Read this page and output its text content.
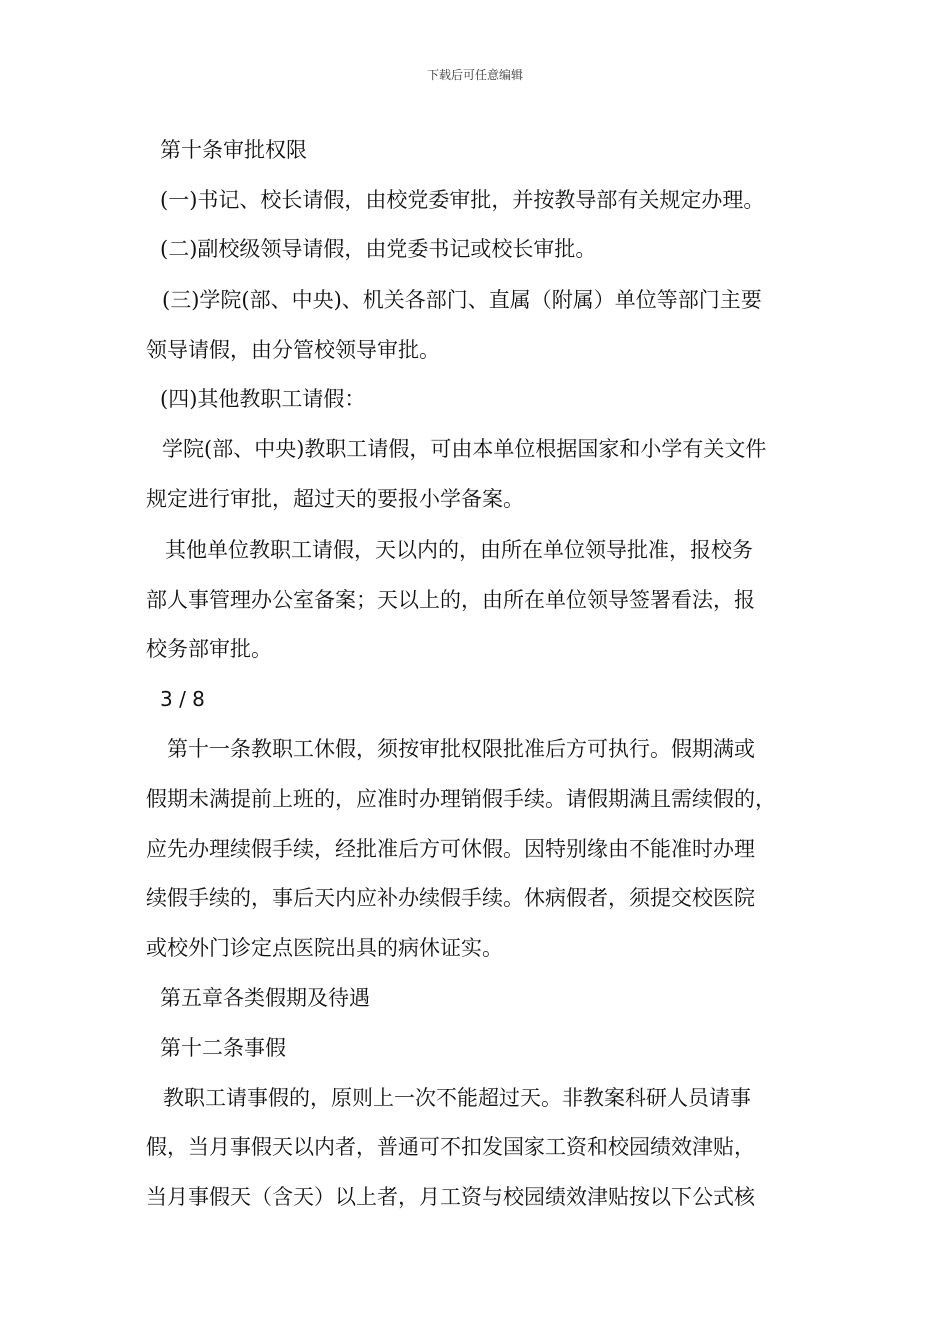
下载后可任意编辑
第十条审批权限
(一)书记、校长请假，由校党委审批，并按教导部有关规定办理。
(二)副校级领导请假，由党委书记或校长审批。
(三)学院(部、中央)、机关各部门、直属（附属）单位等部门主要
领导请假，由分管校领导审批。
(四)其他教职工请假：
学院(部、中央)教职工请假，可由本单位根据国家和小学有关文件
规定进行审批，超过天的要报小学备案。
其他单位教职工请假，天以内的，由所在单位领导批准，报校务
部人事管理办公室备案；天以上的，由所在单位领导签署看法，报
校务部审批。
3 / 8
第十一条教职工休假，须按审批权限批准后方可执行。假期满或
假期未满提前上班的，应准时办理销假手续。请假期满且需续假的，
应先办理续假手续，经批准后方可休假。因特别缘由不能准时办理
续假手续的，事后天内应补办续假手续。休病假者，须提交校医院
或校外门诊定点医院出具的病休证实。
第五章各类假期及待遇
第十二条事假
教职工请事假的，原则上一次不能超过天。非教案科研人员请事
假，当月事假天以内者，普通可不扣发国家工资和校园绩效津贴，
当月事假天（含天）以上者，月工资与校园绩效津贴按以下公式核
